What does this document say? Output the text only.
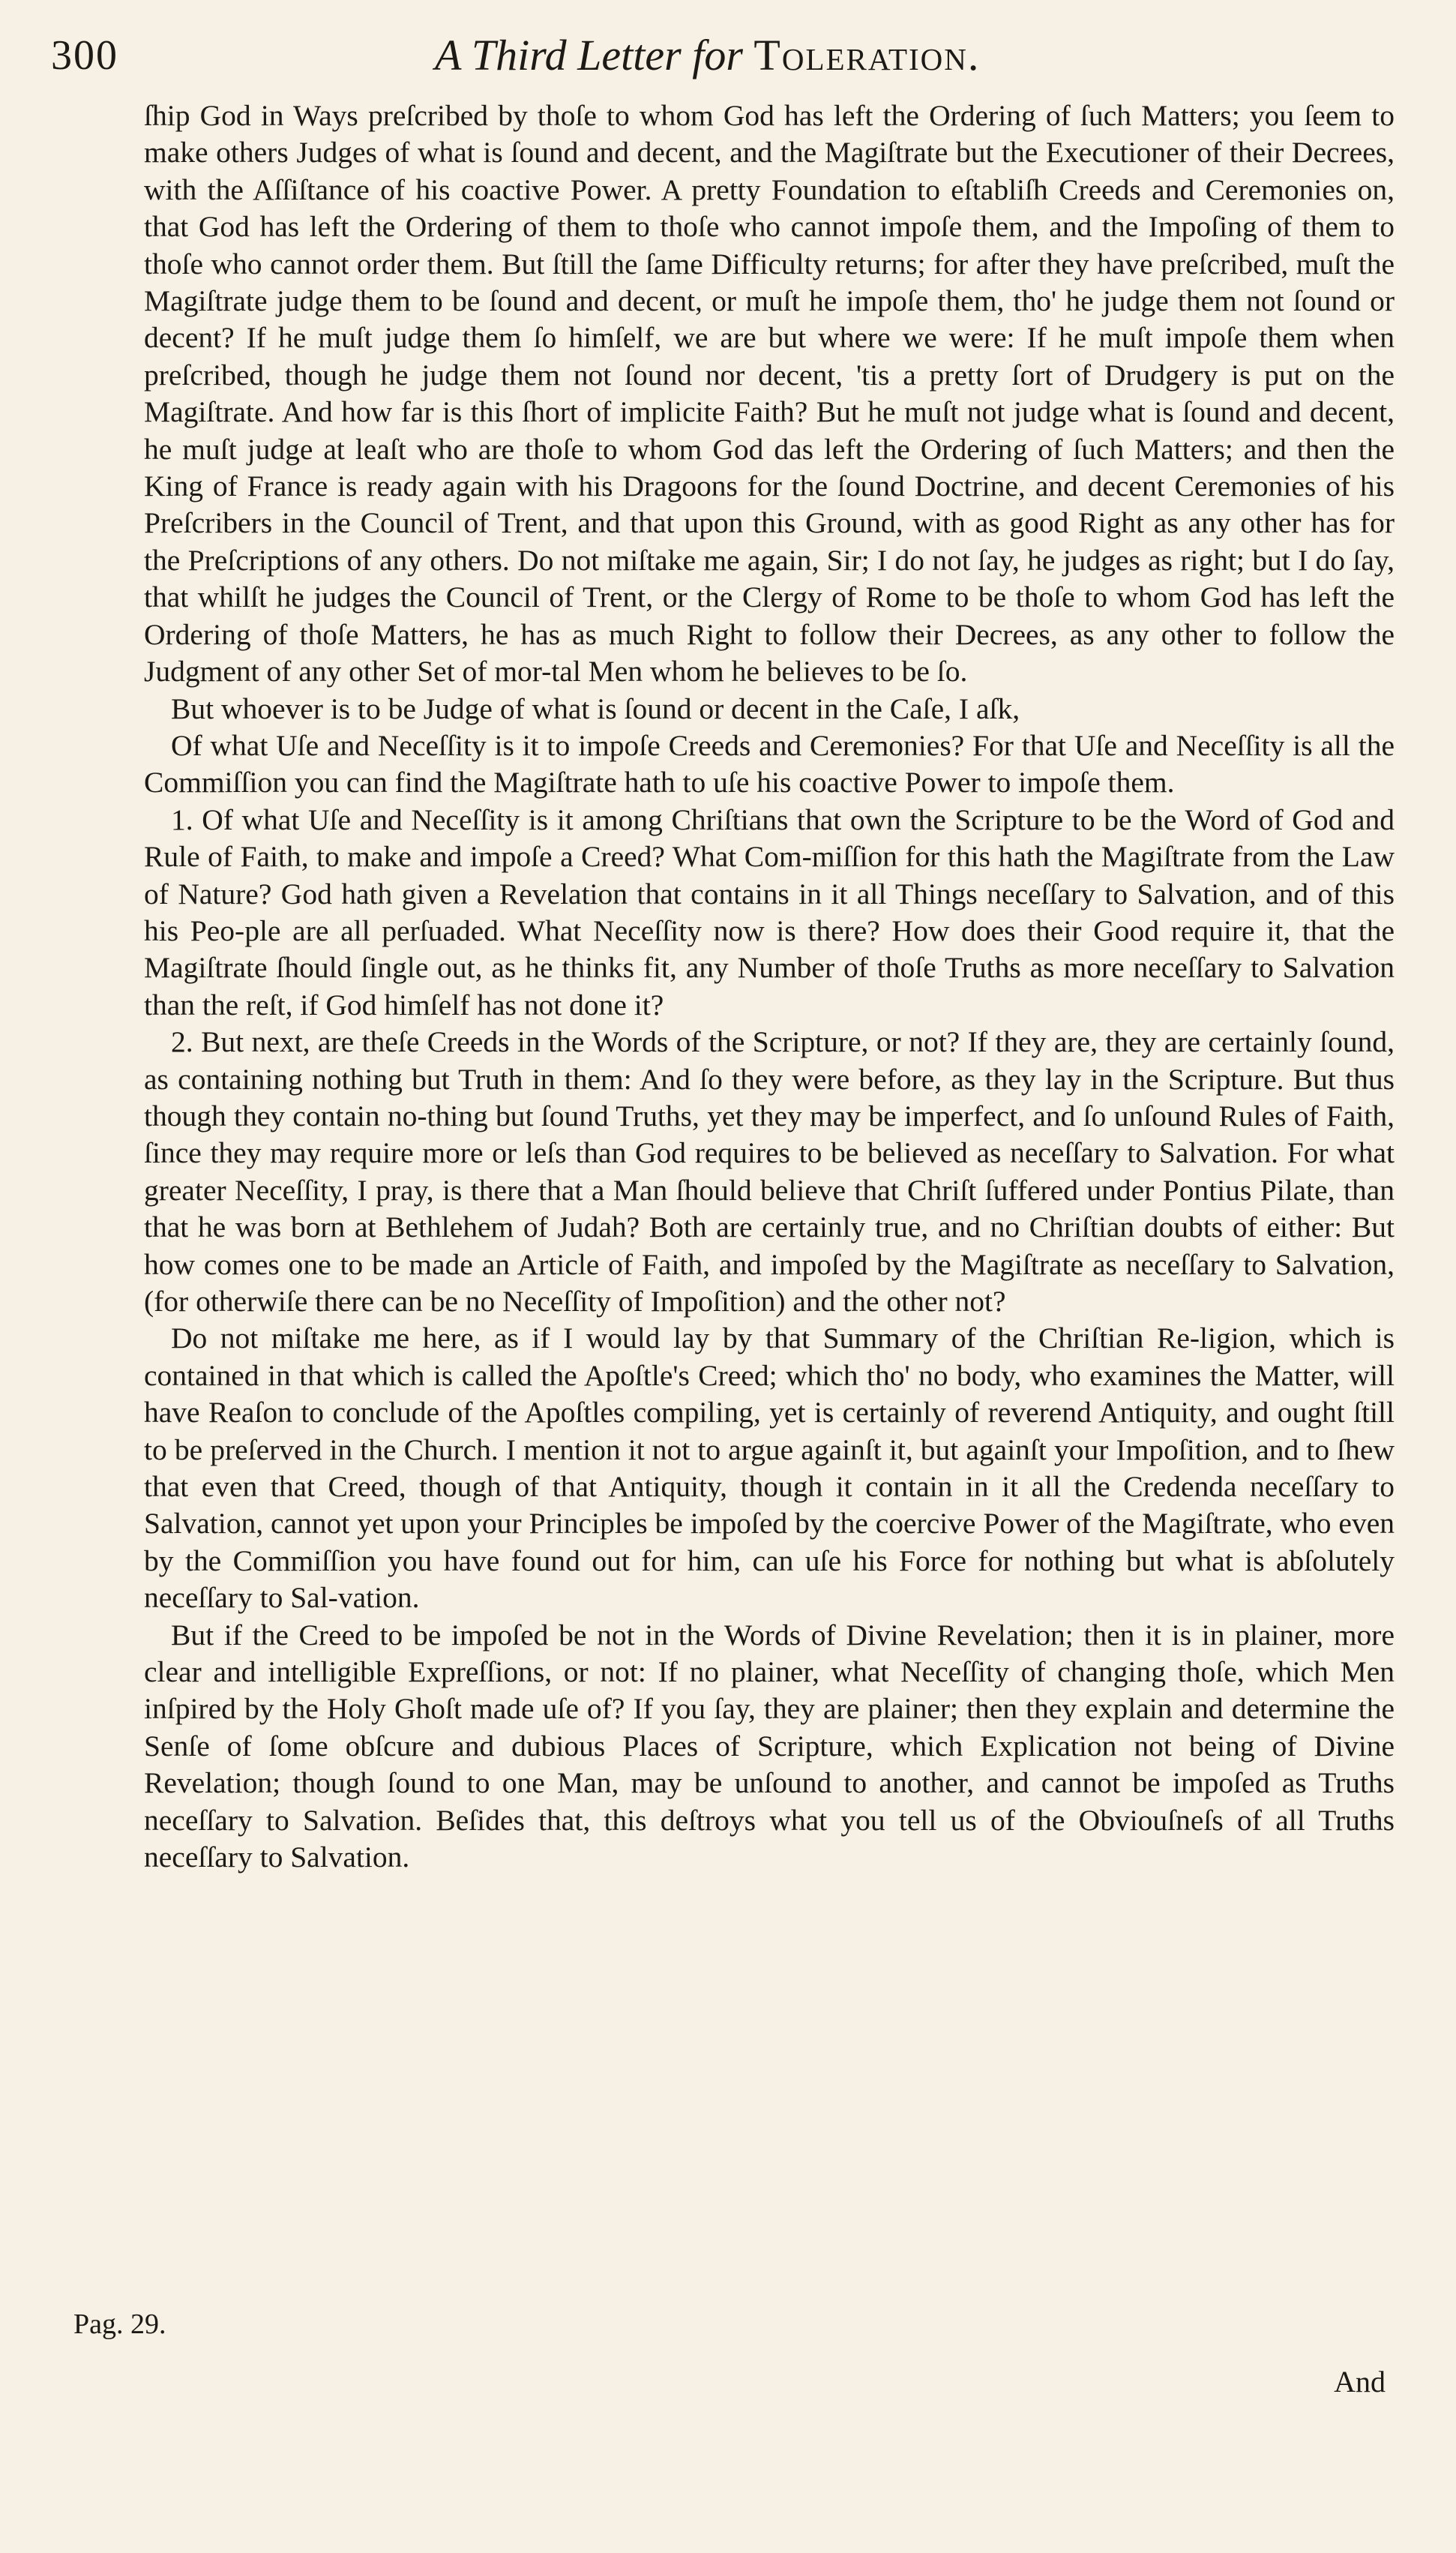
300	A Third Letter for Toleration.

ſhip God in Ways preſcribed by thoſe to whom God has left the Ordering of ſuch Matters; you ſeem to make others Judges of what is ſound and decent, and the Magiſtrate but the Executioner of their Decrees, with the Aſſiſtance of his coactive Power. A pretty Foundation to eſtabliſh Creeds and Ceremonies on, that God has left the Ordering of them to thoſe who cannot impoſe them, and the Impoſing of them to thoſe who cannot order them. But ſtill the ſame Difficulty returns; for after they have preſcribed, muſt the Magiſtrate judge them to be ſound and decent, or muſt he impoſe them, tho' he judge them not ſound or decent? If he muſt judge them ſo himſelf, we are but where we were: If he muſt impoſe them when preſcribed, though he judge them not ſound nor decent, 'tis a pretty ſort of Drudgery is put on the Magiſtrate. And how far is this ſhort of implicite Faith? But he muſt not judge what is ſound and decent, he muſt judge at leaſt who are thoſe to whom God das left the Ordering of ſuch Matters; and then the King of France is ready again with his Dragoons for the ſound Doctrine, and decent Ceremonies of his Preſcribers in the Council of Trent, and that upon this Ground, with as good Right as any other has for the Preſcriptions of any others. Do not miſtake me again, Sir; I do not ſay, he judges as right; but I do ſay, that whilſt he judges the Council of Trent, or the Clergy of Rome to be thoſe to whom God has left the Ordering of thoſe Matters, he has as much Right to follow their Decrees, as any other to follow the Judgment of any other Set of mor-tal Men whom he believes to be ſo.

But whoever is to be Judge of what is ſound or decent in the Caſe, I aſk,

Of what Uſe and Neceſſity is it to impoſe Creeds and Ceremonies? For that Uſe and Neceſſity is all the Commiſſion you can find the Magiſtrate hath to uſe his coactive Power to impoſe them.

1. Of what Uſe and Neceſſity is it among Chriſtians that own the Scripture to be the Word of God and Rule of Faith, to make and impoſe a Creed? What Com-miſſion for this hath the Magiſtrate from the Law of Nature? God hath given a Revelation that contains in it all Things neceſſary to Salvation, and of this his Peo-ple are all perſuaded. What Neceſſity now is there? How does their Good require it, that the Magiſtrate ſhould ſingle out, as he thinks fit, any Number of thoſe Truths as more neceſſary to Salvation than the reſt, if God himſelf has not done it?

2. But next, are theſe Creeds in the Words of the Scripture, or not? If they are, they are certainly ſound, as containing nothing but Truth in them: And ſo they were before, as they lay in the Scripture. But thus though they contain no-thing but ſound Truths, yet they may be imperfect, and ſo unſound Rules of Faith, ſince they may require more or leſs than God requires to be believed as neceſſary to Salvation. For what greater Neceſſity, I pray, is there that a Man ſhould believe that Chriſt ſuffered under Pontius Pilate, than that he was born at Bethlehem of Judah? Both are certainly true, and no Chriſtian doubts of either: But how comes one to be made an Article of Faith, and impoſed by the Magiſtrate as neceſſary to Salvation, (for otherwiſe there can be no Neceſſity of Impoſition) and the other not?

Do not miſtake me here, as if I would lay by that Summary of the Chriſtian Re-ligion, which is contained in that which is called the Apoſtle's Creed; which tho' no body, who examines the Matter, will have Reaſon to conclude of the Apoſtles compiling, yet is certainly of reverend Antiquity, and ought ſtill to be preſerved in the Church. I mention it not to argue againſt it, but againſt your Impoſition, and to ſhew that even that Creed, though of that Antiquity, though it contain in it all the Credenda neceſſary to Salvation, cannot yet upon your Principles be impoſed by the coercive Power of the Magiſtrate, who even by the Commiſſion you have found out for him, can uſe his Force for nothing but what is abſolutely neceſſary to Sal-vation.

But if the Creed to be impoſed be not in the Words of Divine Revelation; then it is in plainer, more clear and intelligible Expreſſions, or not: If no plainer, what Neceſſity of changing thoſe, which Men inſpired by the Holy Ghoſt made uſe of? If you ſay, they are plainer; then they explain and determine the Senſe of ſome obſcure and dubious Places of Scripture, which Explication not being of Divine Revelation; though ſound to one Man, may be unſound to another, and cannot be impoſed as Truths neceſſary to Salvation. Beſides that, this deſtroys what you tell us of the Obviouſneſs of all Truths neceſſary to Salvation.

Pag. 29.
And
